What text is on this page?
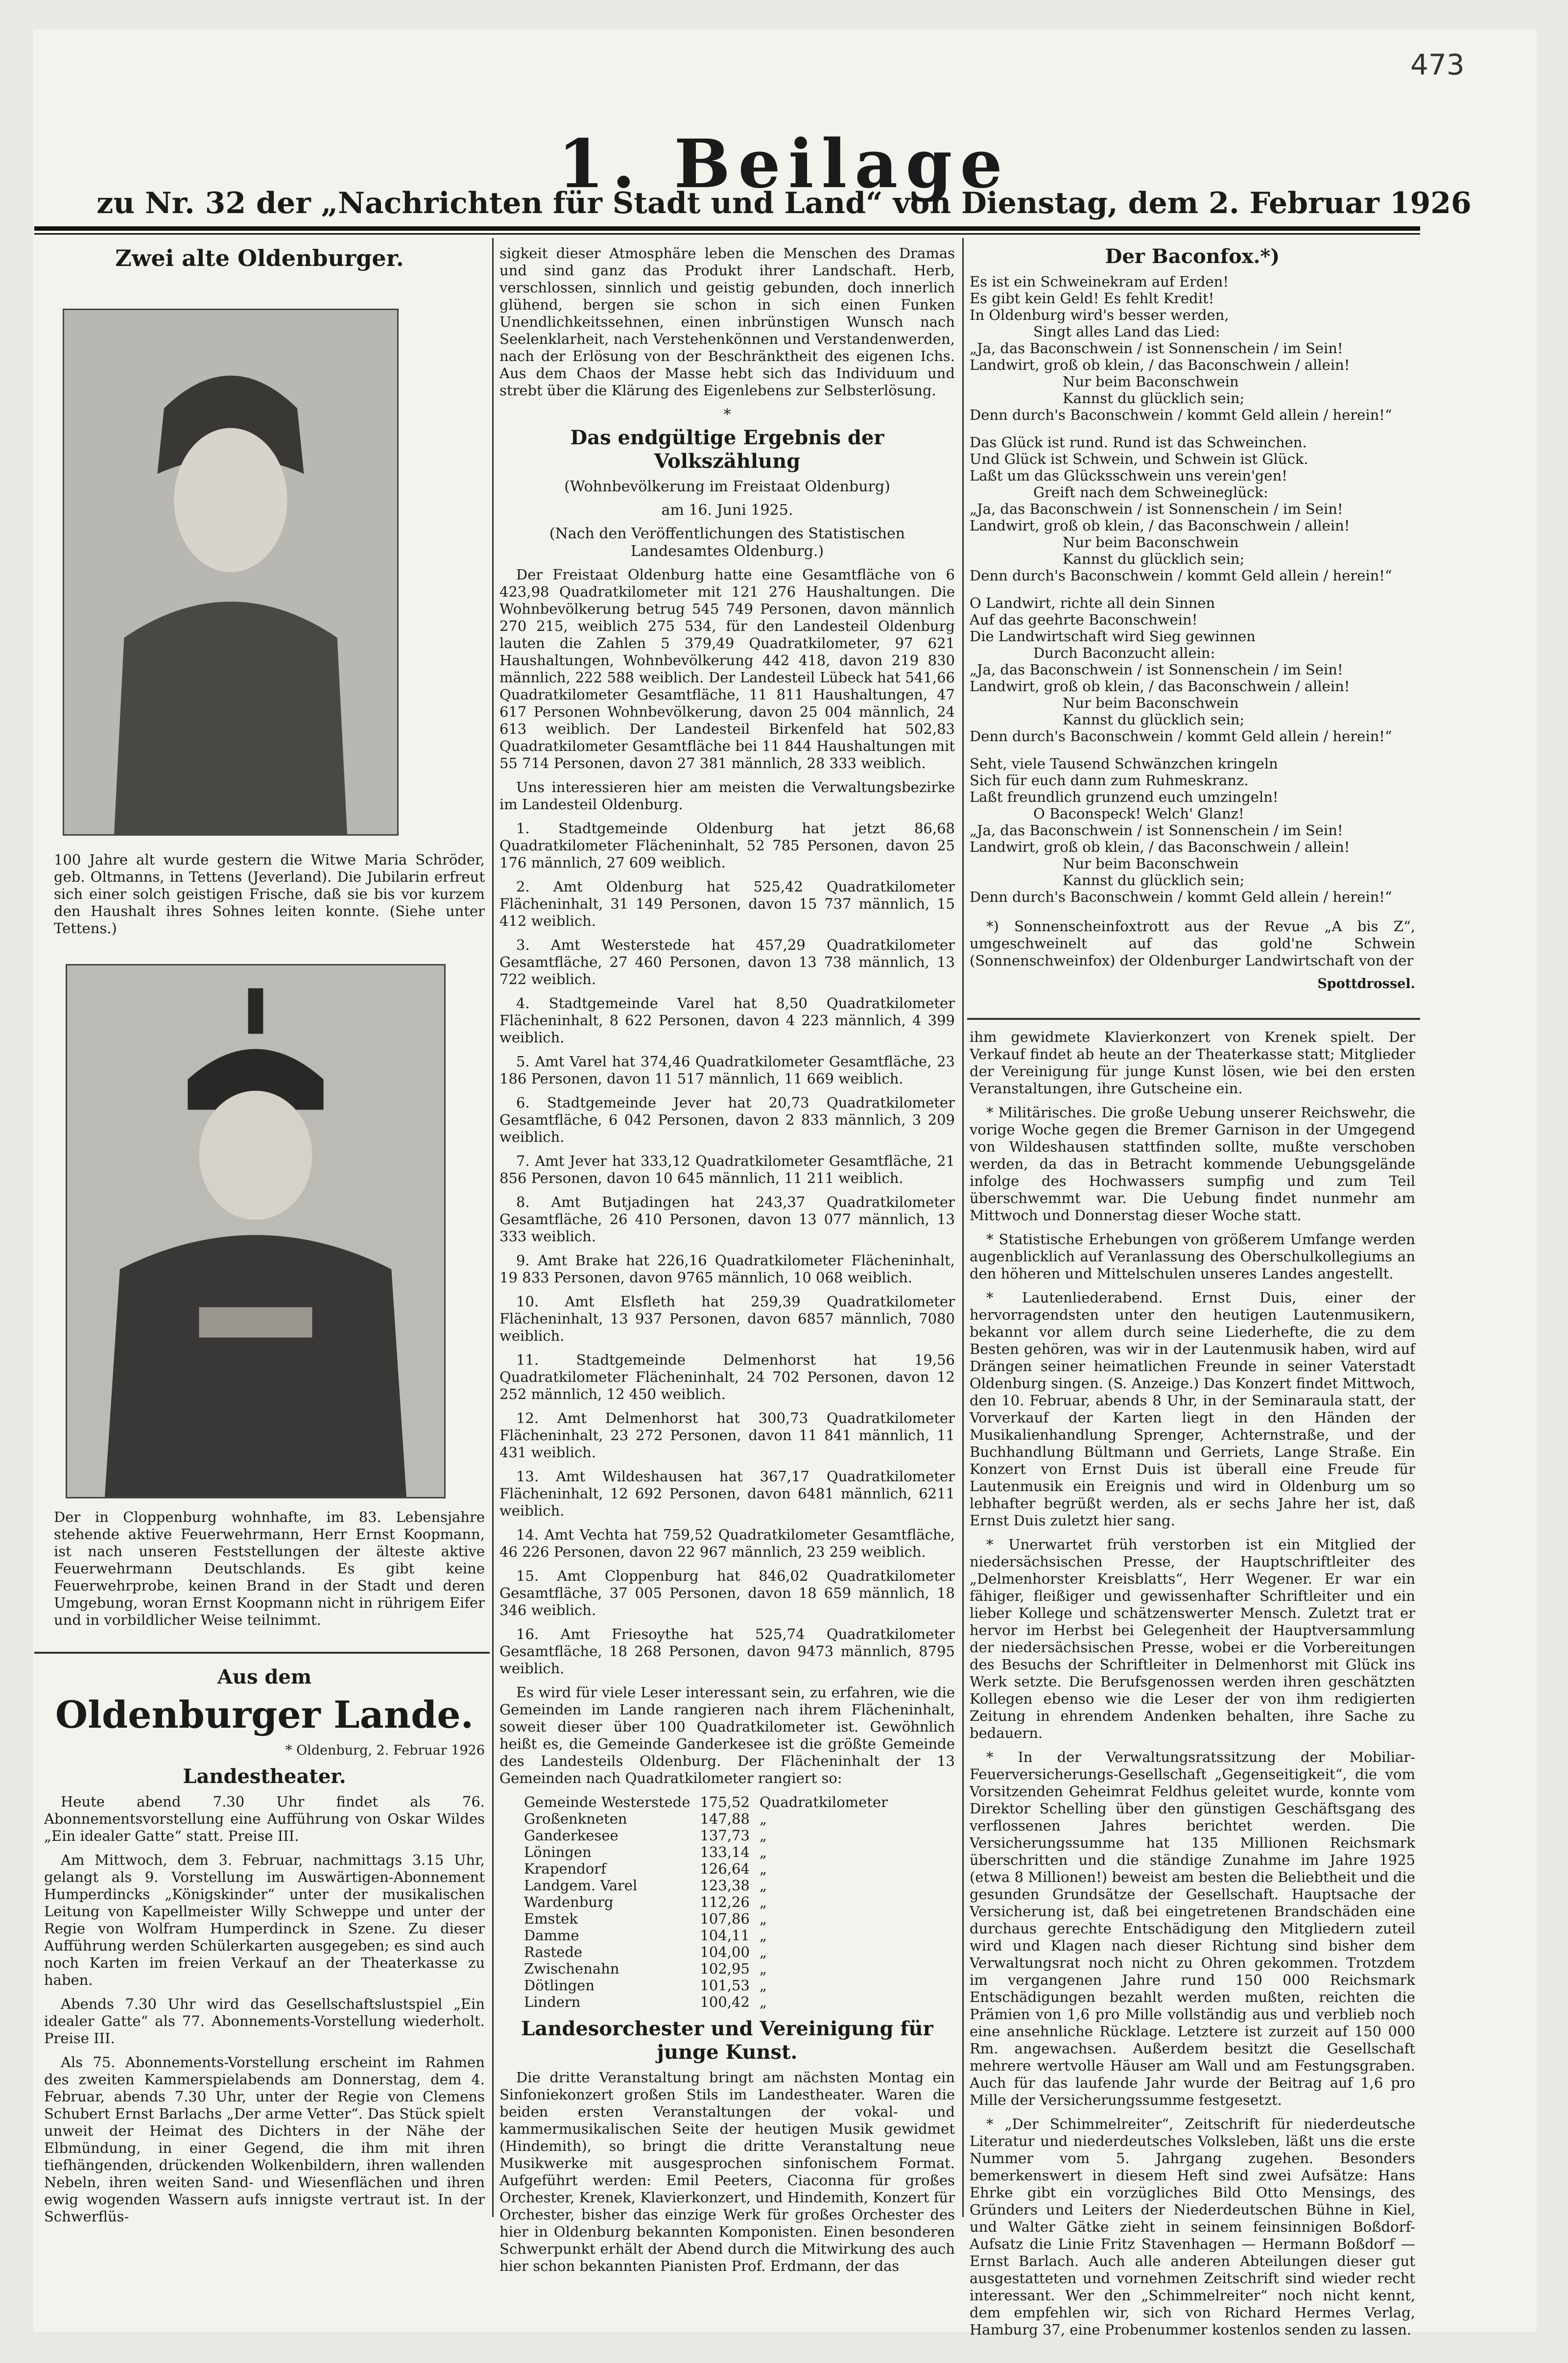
473
1. Beilage
zu Nr. 32 der „Nachrichten für Stadt und Land“ von Dienstag, dem 2. Februar 1926
Zwei alte Oldenburger.

100 Jahre alt wurde gestern die Witwe Maria Schröder, geb. Oltmanns, in Tettens (Jeverland). Die Jubilarin erfreut sich einer solch geistigen Frische, daß sie bis vor kurzem den Haushalt ihres Sohnes leiten konnte. (Siehe unter Tettens.)

Der in Cloppenburg wohnhafte, im 83. Lebensjahre stehende aktive Feuerwehrmann, Herr Ernst Koopmann, ist nach unseren Feststellungen der älteste aktive Feuerwehrmann Deutschlands. Es gibt keine Feuerwehrprobe, keinen Brand in der Stadt und deren Umgebung, woran Ernst Koopmann nicht in rührigem Eifer und in vorbildlicher Weise teilnimmt.

Aus dem
Oldenburger Lande.
* Oldenburg, 2. Februar 1926
Landestheater.

Heute abend 7.30 Uhr findet als 76. Abonnementsvorstellung eine Aufführung von Oskar Wildes „Ein idealer Gatte“ statt. Preise III.

Am Mittwoch, dem 3. Februar, nachmittags 3.15 Uhr, gelangt als 9. Vorstellung im Auswärtigen-Abonnement Humperdincks „Königskinder“ unter der musikalischen Leitung von Kapellmeister Willy Schweppe und unter der Regie von Wolfram Humperdinck in Szene. Zu dieser Aufführung werden Schülerkarten ausgegeben; es sind auch noch Karten im freien Verkauf an der Theaterkasse zu haben.

Abends 7.30 Uhr wird das Gesellschaftslustspiel „Ein idealer Gatte“ als 77. Abonnements-Vorstellung wiederholt. Preise III.

Als 75. Abonnements-Vorstellung erscheint im Rahmen des zweiten Kammerspielabends am Donnerstag, dem 4. Februar, abends 7.30 Uhr, unter der Regie von Clemens Schubert Ernst Barlachs „Der arme Vetter“. Das Stück spielt unweit der Heimat des Dichters in der Nähe der Elbmündung, in einer Gegend, die ihm mit ihren tiefhängenden, drückenden Wolkenbildern, ihren wallenden Nebeln, ihren weiten Sand- und Wiesenflächen und ihren ewig wogenden Wassern aufs innigste vertraut ist. In der Schwerflüs-

sigkeit dieser Atmosphäre leben die Menschen des Dramas und sind ganz das Produkt ihrer Landschaft. Herb, verschlossen, sinnlich und geistig gebunden, doch innerlich glühend, bergen sie schon in sich einen Funken Unendlichkeitssehnen, einen inbrünstigen Wunsch nach Seelenklarheit, nach Verstehenkönnen und Verstandenwerden, nach der Erlösung von der Beschränktheit des eigenen Ichs. Aus dem Chaos der Masse hebt sich das Individuum und strebt über die Klärung des Eigenlebens zur Selbsterlösung.

*
Das endgültige Ergebnis der Volkszählung
(Wohnbevölkerung im Freistaat Oldenburg)
am 16. Juni 1925.
(Nach den Veröffentlichungen des Statistischen Landesamtes Oldenburg.)

Der Freistaat Oldenburg hatte eine Gesamtfläche von 6 423,98 Quadratkilometer mit 121 276 Haushaltungen. Die Wohnbevölkerung betrug 545 749 Personen, davon männlich 270 215, weiblich 275 534, für den Landesteil Oldenburg lauten die Zahlen 5 379,49 Quadratkilometer, 97 621 Haushaltungen, Wohnbevölkerung 442 418, davon 219 830 männlich, 222 588 weiblich. Der Landesteil Lübeck hat 541,66 Quadratkilometer Gesamtfläche, 11 811 Haushaltungen, 47 617 Personen Wohnbevölkerung, davon 25 004 männlich, 24 613 weiblich. Der Landesteil Birkenfeld hat 502,83 Quadratkilometer Gesamtfläche bei 11 844 Haushaltungen mit 55 714 Personen, davon 27 381 männlich, 28 333 weiblich.

Uns interessieren hier am meisten die Verwaltungsbezirke im Landesteil Oldenburg.

1. Stadtgemeinde Oldenburg hat jetzt 86,68 Quadratkilometer Flächeninhalt, 52 785 Personen, davon 25 176 männlich, 27 609 weiblich.

2. Amt Oldenburg hat 525,42 Quadratkilometer Flächeninhalt, 31 149 Personen, davon 15 737 männlich, 15 412 weiblich.

3. Amt Westerstede hat 457,29 Quadratkilometer Gesamtfläche, 27 460 Personen, davon 13 738 männlich, 13 722 weiblich.

4. Stadtgemeinde Varel hat 8,50 Quadratkilometer Flächeninhalt, 8 622 Personen, davon 4 223 männlich, 4 399 weiblich.

5. Amt Varel hat 374,46 Quadratkilometer Gesamtfläche, 23 186 Personen, davon 11 517 männlich, 11 669 weiblich.

6. Stadtgemeinde Jever hat 20,73 Quadratkilometer Gesamtfläche, 6 042 Personen, davon 2 833 männlich, 3 209 weiblich.

7. Amt Jever hat 333,12 Quadratkilometer Gesamtfläche, 21 856 Personen, davon 10 645 männlich, 11 211 weiblich.

8. Amt Butjadingen hat 243,37 Quadratkilometer Gesamtfläche, 26 410 Personen, davon 13 077 männlich, 13 333 weiblich.

9. Amt Brake hat 226,16 Quadratkilometer Flächeninhalt, 19 833 Personen, davon 9765 männlich, 10 068 weiblich.

10. Amt Elsfleth hat 259,39 Quadratkilometer Flächeninhalt, 13 937 Personen, davon 6857 männlich, 7080 weiblich.

11. Stadtgemeinde Delmenhorst hat 19,56 Quadratkilometer Flächeninhalt, 24 702 Personen, davon 12 252 männlich, 12 450 weiblich.

12. Amt Delmenhorst hat 300,73 Quadratkilometer Flächeninhalt, 23 272 Personen, davon 11 841 männlich, 11 431 weiblich.

13. Amt Wildeshausen hat 367,17 Quadratkilometer Flächeninhalt, 12 692 Personen, davon 6481 männlich, 6211 weiblich.

14. Amt Vechta hat 759,52 Quadratkilometer Gesamtfläche, 46 226 Personen, davon 22 967 männlich, 23 259 weiblich.

15. Amt Cloppenburg hat 846,02 Quadratkilometer Gesamtfläche, 37 005 Personen, davon 18 659 männlich, 18 346 weiblich.

16. Amt Friesoythe hat 525,74 Quadratkilometer Gesamtfläche, 18 268 Personen, davon 9473 männlich, 8795 weiblich.

Es wird für viele Leser interessant sein, zu erfahren, wie die Gemeinden im Lande rangieren nach ihrem Flächeninhalt, soweit dieser über 100 Quadratkilometer ist. Gewöhnlich heißt es, die Gemeinde Ganderkesee ist die größte Gemeinde des Landesteils Oldenburg. Der Flächeninhalt der 13 Gemeinden nach Quadratkilometer rangiert so:

Gemeinde Westerstede	175,52	Quadratkilometer
Großenkneten	147,88	„
Ganderkesee	137,73	„
Löningen	133,14	„
Krapendorf	126,64	„
Landgem. Varel	123,38	„
Wardenburg	112,26	„
Emstek	107,86	„
Damme	104,11	„
Rastede	104,00	„
Zwischenahn	102,95	„
Dötlingen	101,53	„
Lindern	100,42	„
Landesorchester und Vereinigung für junge Kunst.

Die dritte Veranstaltung bringt am nächsten Montag ein Sinfoniekonzert großen Stils im Landestheater. Waren die beiden ersten Veranstaltungen der vokal- und kammermusikalischen Seite der heutigen Musik gewidmet (Hindemith), so bringt die dritte Veranstaltung neue Musikwerke mit ausgesprochen sinfonischem Format. Aufgeführt werden: Emil Peeters, Ciaconna für großes Orchester, Krenek, Klavierkonzert, und Hindemith, Konzert für Orchester, bisher das einzige Werk für großes Orchester des hier in Oldenburg bekannten Komponisten. Einen besonderen Schwerpunkt erhält der Abend durch die Mitwirkung des auch hier schon bekannten Pianisten Prof. Erdmann, der das

Der Baconfox.*)

Es ist ein Schweinekram auf Erden!

Es gibt kein Geld! Es fehlt Kredit!

In Oldenburg wird's besser werden,

Singt alles Land das Lied:

„Ja, das Baconschwein / ist Sonnenschein / im Sein!

Landwirt, groß ob klein, / das Baconschwein / allein!

Nur beim Baconschwein

Kannst du glücklich sein;

Denn durch's Baconschwein / kommt Geld allein / herein!“

Das Glück ist rund. Rund ist das Schweinchen.

Und Glück ist Schwein, und Schwein ist Glück.

Laßt um das Glücksschwein uns verein'gen!

Greift nach dem Schweineglück:

„Ja, das Baconschwein / ist Sonnenschein / im Sein!

Landwirt, groß ob klein, / das Baconschwein / allein!

Nur beim Baconschwein

Kannst du glücklich sein;

Denn durch's Baconschwein / kommt Geld allein / herein!“

O Landwirt, richte all dein Sinnen

Auf das geehrte Baconschwein!

Die Landwirtschaft wird Sieg gewinnen

Durch Baconzucht allein:

„Ja, das Baconschwein / ist Sonnenschein / im Sein!

Landwirt, groß ob klein, / das Baconschwein / allein!

Nur beim Baconschwein

Kannst du glücklich sein;

Denn durch's Baconschwein / kommt Geld allein / herein!“

Seht, viele Tausend Schwänzchen kringeln

Sich für euch dann zum Ruhmeskranz.

Laßt freundlich grunzend euch umzingeln!

O Baconspeck! Welch' Glanz!

„Ja, das Baconschwein / ist Sonnenschein / im Sein!

Landwirt, groß ob klein, / das Baconschwein / allein!

Nur beim Baconschwein

Kannst du glücklich sein;

Denn durch's Baconschwein / kommt Geld allein / herein!“

*) Sonnenscheinfoxtrott aus der Revue „A bis Z“, umgeschweinelt auf das gold'ne Schwein (Sonnenschweinfox) der Oldenburger Landwirtschaft von der

Spottdrossel.

ihm gewidmete Klavierkonzert von Krenek spielt. Der Verkauf findet ab heute an der Theaterkasse statt; Mitglieder der Vereinigung für junge Kunst lösen, wie bei den ersten Veranstaltungen, ihre Gutscheine ein.

* Militärisches. Die große Uebung unserer Reichswehr, die vorige Woche gegen die Bremer Garnison in der Umgegend von Wildeshausen stattfinden sollte, mußte verschoben werden, da das in Betracht kommende Uebungsgelände infolge des Hochwassers sumpfig und zum Teil überschwemmt war. Die Uebung findet nunmehr am Mittwoch und Donnerstag dieser Woche statt.

* Statistische Erhebungen von größerem Umfange werden augenblicklich auf Veranlassung des Oberschulkollegiums an den höheren und Mittelschulen unseres Landes angestellt.

* Lautenliederabend. Ernst Duis, einer der hervorragendsten unter den heutigen Lautenmusikern, bekannt vor allem durch seine Liederhefte, die zu dem Besten gehören, was wir in der Lautenmusik haben, wird auf Drängen seiner heimatlichen Freunde in seiner Vaterstadt Oldenburg singen. (S. Anzeige.) Das Konzert findet Mittwoch, den 10. Februar, abends 8 Uhr, in der Seminaraula statt, der Vorverkauf der Karten liegt in den Händen der Musikalienhandlung Sprenger, Achternstraße, und der Buchhandlung Bültmann und Gerriets, Lange Straße. Ein Konzert von Ernst Duis ist überall eine Freude für Lautenmusik ein Ereignis und wird in Oldenburg um so lebhafter begrüßt werden, als er sechs Jahre her ist, daß Ernst Duis zuletzt hier sang.

* Unerwartet früh verstorben ist ein Mitglied der niedersächsischen Presse, der Hauptschriftleiter des „Delmenhorster Kreisblatts“, Herr Wegener. Er war ein fähiger, fleißiger und gewissenhafter Schriftleiter und ein lieber Kollege und schätzenswerter Mensch. Zuletzt trat er hervor im Herbst bei Gelegenheit der Hauptversammlung der niedersächsischen Presse, wobei er die Vorbereitungen des Besuchs der Schriftleiter in Delmenhorst mit Glück ins Werk setzte. Die Berufsgenossen werden ihren geschätzten Kollegen ebenso wie die Leser der von ihm redigierten Zeitung in ehrendem Andenken behalten, ihre Sache zu bedauern.

* In der Verwaltungsratssitzung der Mobiliar-Feuerversicherungs-Gesellschaft „Gegenseitigkeit“, die vom Vorsitzenden Geheimrat Feldhus geleitet wurde, konnte vom Direktor Schelling über den günstigen Geschäftsgang des verflossenen Jahres berichtet werden. Die Versicherungssumme hat 135 Millionen Reichsmark überschritten und die ständige Zunahme im Jahre 1925 (etwa 8 Millionen!) beweist am besten die Beliebtheit und die gesunden Grundsätze der Gesellschaft. Hauptsache der Versicherung ist, daß bei eingetretenen Brandschäden eine durchaus gerechte Entschädigung den Mitgliedern zuteil wird und Klagen nach dieser Richtung sind bisher dem Verwaltungsrat noch nicht zu Ohren gekommen. Trotzdem im vergangenen Jahre rund 150 000 Reichsmark Entschädigungen bezahlt werden mußten, reichten die Prämien von 1,6 pro Mille vollständig aus und verblieb noch eine ansehnliche Rücklage. Letztere ist zurzeit auf 150 000 Rm. angewachsen. Außerdem besitzt die Gesellschaft mehrere wertvolle Häuser am Wall und am Festungsgraben. Auch für das laufende Jahr wurde der Beitrag auf 1,6 pro Mille der Versicherungssumme festgesetzt.

* „Der Schimmelreiter“, Zeitschrift für niederdeutsche Literatur und niederdeutsches Volksleben, läßt uns die erste Nummer vom 5. Jahrgang zugehen. Besonders bemerkenswert in diesem Heft sind zwei Aufsätze: Hans Ehrke gibt ein vorzügliches Bild Otto Mensings, des Gründers und Leiters der Niederdeutschen Bühne in Kiel, und Walter Gätke zieht in seinem feinsinnigen Boßdorf-Aufsatz die Linie Fritz Stavenhagen — Hermann Boßdorf — Ernst Barlach. Auch alle anderen Abteilungen dieser gut ausgestatteten und vornehmen Zeitschrift sind wieder recht interessant. Wer den „Schimmelreiter“ noch nicht kennt, dem empfehlen wir, sich von Richard Hermes Verlag, Hamburg 37, eine Probenummer kostenlos senden zu lassen.
